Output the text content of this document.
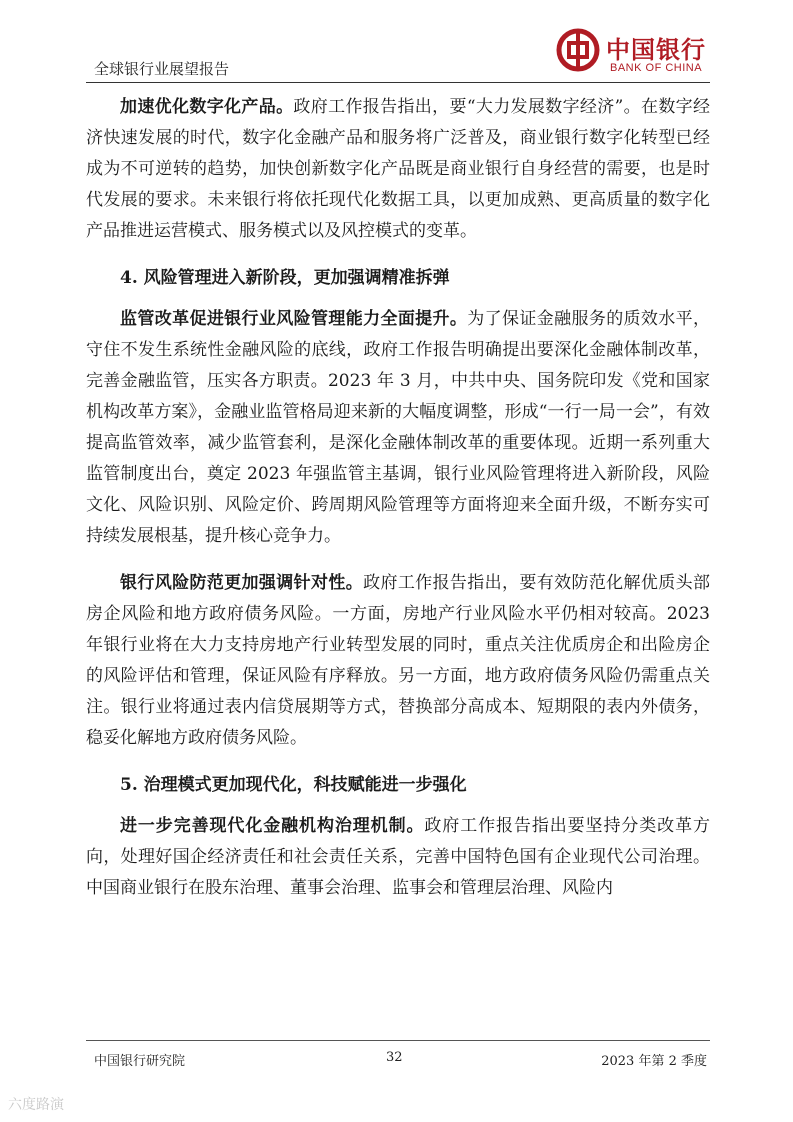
全球银行业展望报告
中国银行
BANK OF CHINA

加速优化数字化产品。政府工作报告指出，要“大力发展数字经济”。在数字经济快速发展的时代，数字化金融产品和服务将广泛普及，商业银行数字化转型已经成为不可逆转的趋势，加快创新数字化产品既是商业银行自身经营的需要，也是时代发展的要求。未来银行将依托现代化数据工具，以更加成熟、更高质量的数字化产品推进运营模式、服务模式以及风控模式的变革。

4. 风险管理进入新阶段，更加强调精准拆弹

监管改革促进银行业风险管理能力全面提升。为了保证金融服务的质效水平，守住不发生系统性金融风险的底线，政府工作报告明确提出要深化金融体制改革，完善金融监管，压实各方职责。2023 年 3 月，中共中央、国务院印发《党和国家机构改革方案》，金融业监管格局迎来新的大幅度调整，形成“一行一局一会”，有效提高监管效率，减少监管套利，是深化金融体制改革的重要体现。近期一系列重大监管制度出台，奠定 2023 年强监管主基调，银行业风险管理将进入新阶段，风险文化、风险识别、风险定价、跨周期风险管理等方面将迎来全面升级，不断夯实可持续发展根基，提升核心竞争力。

银行风险防范更加强调针对性。政府工作报告指出，要有效防范化解优质头部房企风险和地方政府债务风险。一方面，房地产行业风险水平仍相对较高。2023 年银行业将在大力支持房地产行业转型发展的同时，重点关注优质房企和出险房企的风险评估和管理，保证风险有序释放。另一方面，地方政府债务风险仍需重点关注。银行业将通过表内信贷展期等方式，替换部分高成本、短期限的表内外债务，稳妥化解地方政府债务风险。

5. 治理模式更加现代化，科技赋能进一步强化

进一步完善现代化金融机构治理机制。政府工作报告指出要坚持分类改革方向，处理好国企经济责任和社会责任关系，完善中国特色国有企业现代公司治理。中国商业银行在股东治理、董事会治理、监事会和管理层治理、风险内

中国银行研究院	32	2023 年第 2 季度
六度路演
